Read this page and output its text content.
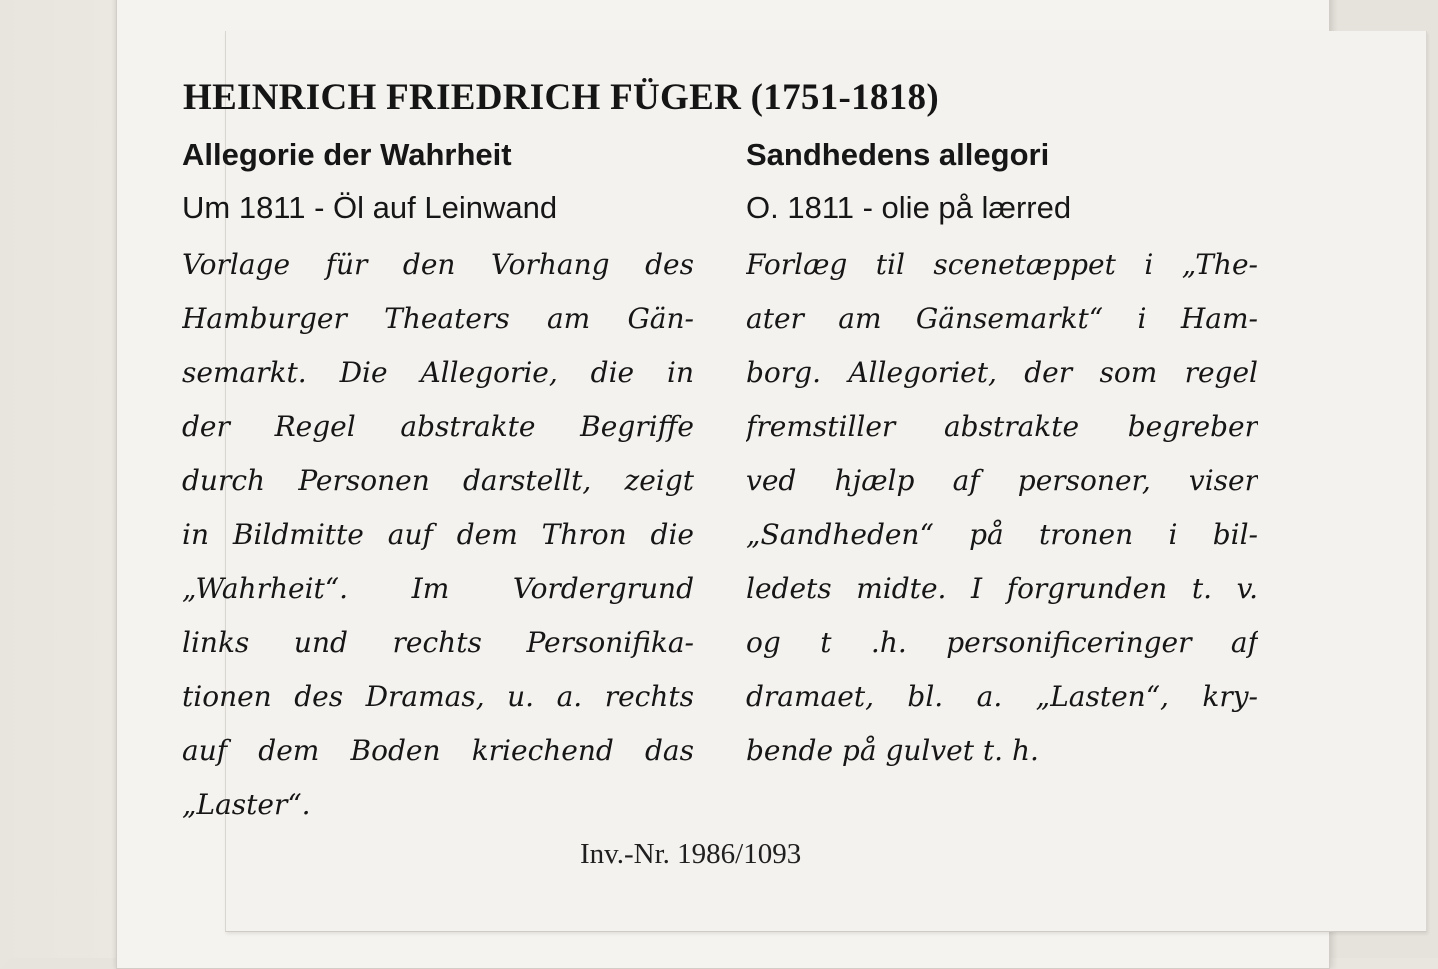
HEINRICH FRIEDRICH FÜGER (1751-1818)
Allegorie der Wahrheit

Um 1811 - Öl auf Leinwand

Vorlage für den Vorhang des
Hamburger Theaters am Gän-
semarkt. Die Allegorie, die in
der Regel abstrakte Begriffe
durch Personen darstellt, zeigt
in Bildmitte auf dem Thron die
„Wahrheit“. Im Vordergrund
links und rechts Personifika-
tionen des Dramas, u. a. rechts
auf dem Boden kriechend das
„Laster“.
Sandhedens allegori

O. 1811 - olie på lærred

Forlæg til scenetæppet i „The-
ater am Gänsemarkt“ i Ham-
borg. Allegoriet, der som regel
fremstiller abstrakte begreber
ved hjælp af personer, viser
„Sandheden“ på tronen i bil-
ledets midte. I forgrunden t. v.
og t .h. personificeringer af
dramaet, bl. a. „Lasten“, kry-
bende på gulvet t. h.

Inv.-Nr. 1986/1093
